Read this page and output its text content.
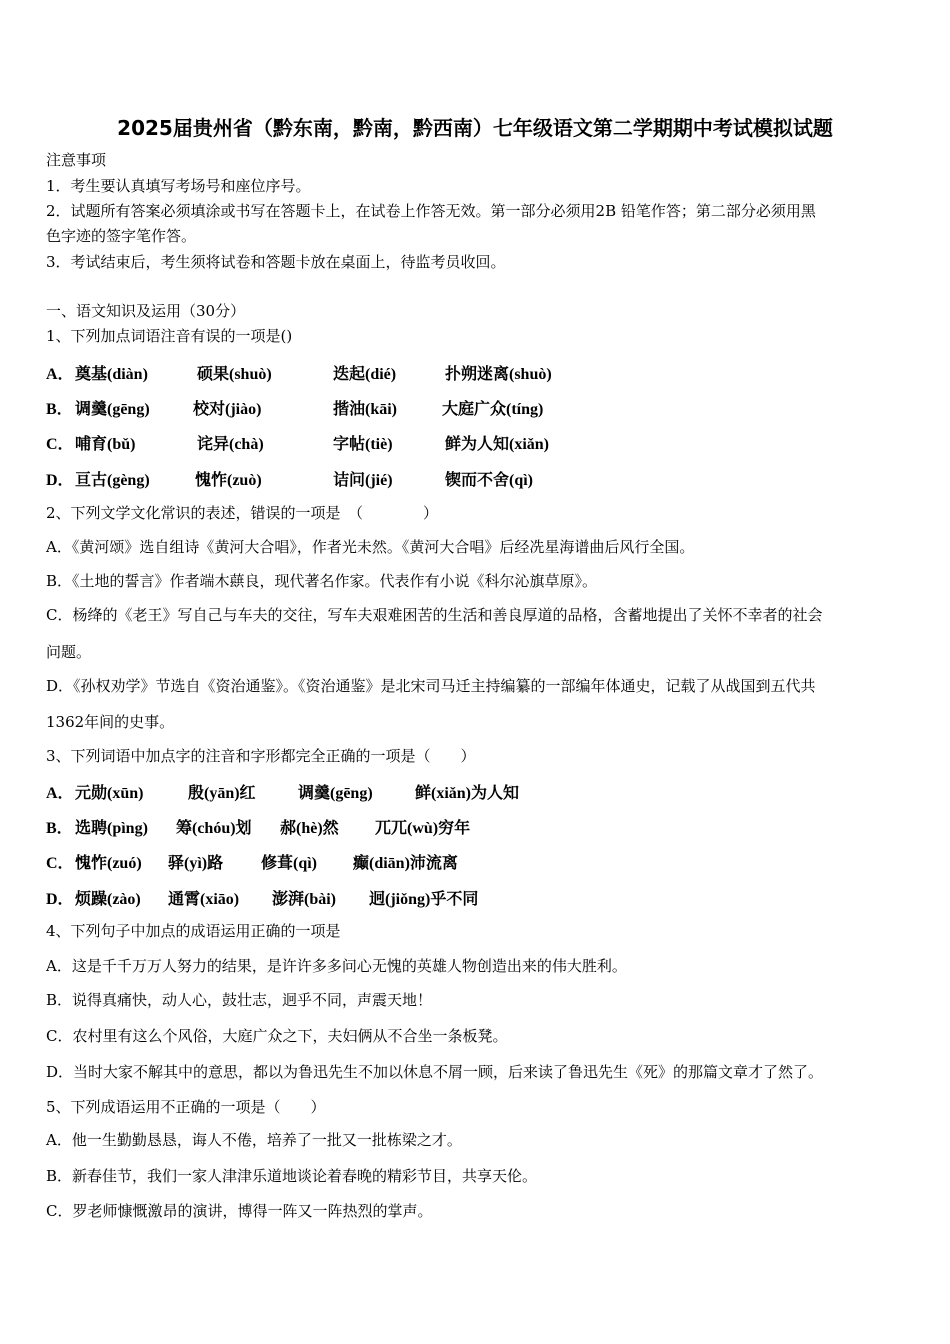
2025届贵州省（黔东南，黔南，黔西南）七年级语文第二学期期中考试模拟试题
注意事项
1．考生要认真填写考场号和座位序号。
2．试题所有答案必须填涂或书写在答题卡上，在试卷上作答无效。第一部分必须用2B 铅笔作答；第二部分必须用黑
色字迹的签字笔作答。
3．考试结束后，考生须将试卷和答题卡放在桌面上，待监考员收回。
一、语文知识及运用（30分）
1、下列加点词语注音有误的一项是()
A． 奠基(diàn)	硕果(shuò)	迭起(dié)	扑朔迷离(shuò)
B． 调羹(gēng)	校对(jiào)	揩油(kāi)	大庭广众(tíng)
C． 哺育(bǔ)	诧异(chà)	字帖(tiè)	鲜为人知(xiǎn)
D． 亘古(gèng)	愧怍(zuò)	诘问(jié)	锲而不舍(qì)
2、下列文学文化常识的表述，错误的一项是　（　　　　）
A．《黄河颂》选自组诗《黄河大合唱》，作者光未然。《黄河大合唱》后经冼星海谱曲后风行全国。
B．《土地的誓言》作者端木蕻良，现代著名作家。代表作有小说《科尔沁旗草原》。
C．杨绛的《老王》写自己与车夫的交往，写车夫艰难困苦的生活和善良厚道的品格，含蓄地提出了关怀不幸者的社会
问题。
D．《孙权劝学》节选自《资治通鉴》。《资治通鉴》是北宋司马迁主持编纂的一部编年体通史，记载了从战国到五代共
1362年间的史事。
3、下列词语中加点字的注音和字形都完全正确的一项是（　　）
A． 元勋(xūn)	殷(yān)红	调羹(gēng)	鲜(xiǎn)为人知
B． 选聘(pìng) 筹(chóu)划 郝(hè)然 兀兀(wù)穷年
C． 愧怍(zuó) 驿(yì)路 修葺(qì) 癫(diān)沛流离
D． 烦躁(zào) 通霄(xiāo) 澎湃(bài) 迥(jiǒng)乎不同
4、下列句子中加点的成语运用正确的一项是
A．这是千千万万人努力的结果，是许许多多问心无愧的英雄人物创造出来的伟大胜利。
B．说得真痛快，动人心，鼓壮志，迥乎不同，声震天地！
C．农村里有这么个风俗，大庭广众之下，夫妇俩从不合坐一条板凳。
D．当时大家不解其中的意思，都以为鲁迅先生不加以休息不屑一顾，后来读了鲁迅先生《死》的那篇文章才了然了。
5、下列成语运用不正确的一项是（　　）
A．他一生勤勤恳恳，诲人不倦，培养了一批又一批栋梁之才。
B．新春佳节，我们一家人津津乐道地谈论着春晚的精彩节目，共享天伦。
C．罗老师慷慨激昂的演讲，博得一阵又一阵热烈的掌声。
